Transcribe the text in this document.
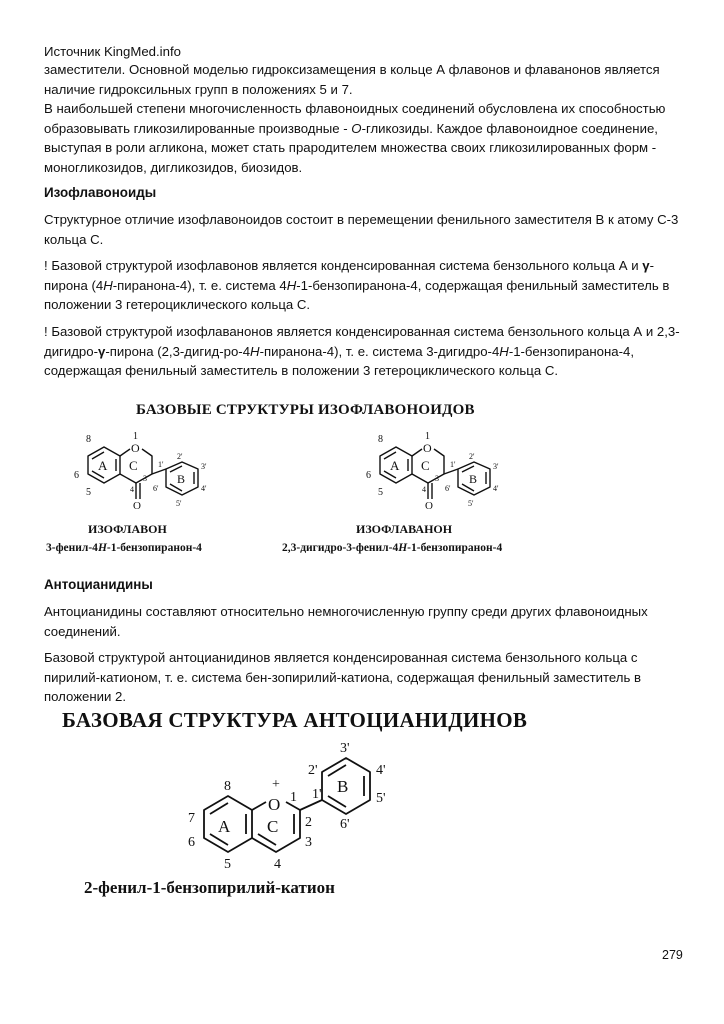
Источник KingMed.info

заместители. Основной моделью гидроксизамещения в кольце А флавонов и флаванонов является наличие гидроксильных групп в положениях 5 и 7.

В наибольшей степени многочисленность флавоноидных соединений обусловлена их способностью образовывать гликозилированные производные - О-гликозиды. Каждое флавоноидное соединение, выступая в роли агликона, может стать прародителем множества своих гликозилированных форм - моногликозидов, дигликозидов, биозидов.

Изофлавоноиды
Структурное отличие изофлавоноидов состоит в перемещении фенильного заместителя В к атому С-3 кольца С.
! Базовой структурой изофлавонов является конденсированная система бензольного кольца А и γ-пирона (4Н-пиранона-4), т. е. система 4Н-1-бензопиранона-4, содержащая фенильный заместитель в положении 3 гетероциклического кольца С.
! Базовой структурой изофлаванонов является конденсированная система бензольного кольца А и 2,3-дигидро-γ-пирона (2,3-дигид-ро-4Н-пиранона-4), т. е. система 3-дигидро-4Н-1-бензопиранона-4, содержащая фенильный заместитель в положении 3 гетероциклического кольца С.
БАЗОВЫЕ СТРУКТУРЫ ИЗОФЛАВОНОИДОВ
O
1
8
6
5
A C
3
4
O
1'
2'
3'
4'
5'
6'
B
O
1
8
6
5
A C
3
4
O
1'
2'
3'
4'
5'
6'
B
ИЗОФЛАВОН
3-фенил-4Н-1-бензопиранон-4
ИЗОФЛАВАНОН
2,3-дигидро-3-фенил-4Н-1-бензопиранон-4
Антоцианидины
Антоцианидины составляют относительно немногочисленную группу среди других флавоноидных соединений.
Базовой структурой антоцианидинов является конденсированная система бензольного кольца с пирилий-катионом, т. е. система бен-зопирилий-катиона, содержащая фенильный заместитель в положении 2.
БАЗОВАЯ СТРУКТУРА АНТОЦИАНИДИНОВ
O
+
1
8
7
6
5	4
3
2
A C
1'
2'
3'
4'
5'
6'
B
2-фенил-1-бензопирилий-катион
279
